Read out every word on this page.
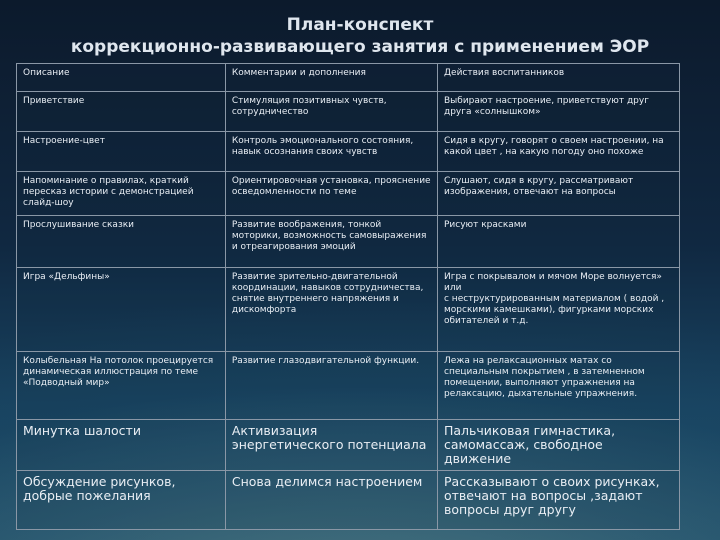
План-конспект
коррекционно-развивающего занятия с применением ЭОР
Описание	Комментарии и дополнения	Действия воспитанников
Приветствие	Стимуляция позитивных чувств, сотрудничество	Выбирают настроение, приветствуют друг друга «солнышком»
Настроение-цвет	Контроль эмоционального состояния, навык осознания своих чувств	Сидя в кругу, говорят о своем настроении, на какой цвет , на какую погоду оно похоже
Напоминание о правилах, краткий пересказ истории с демонстрацией слайд-шоу	Ориентировочная установка, прояснение осведомленности по теме	Слушают, сидя в кругу, рассматривают изображения, отвечают на вопросы
Прослушивание сказки	Развитие воображения, тонкой моторики, возможность самовыражения и отреагирования эмоций	Рисуют красками
Игра «Дельфины»	Развитие зрительно-двигательной координации, навыков сотрудничества, снятие внутреннего напряжения и дискомфорта	Игра с покрывалом и мячом Море волнуется»
или
с неструктурированным материалом ( водой , морскими камешками), фигурками морских обитателей и т.д.
Колыбельная На потолок проецируется динамическая иллюстрация по теме «Подводный мир»	Развитие глазодвигательной функции.	Лежа на релаксационных матах со специальным покрытием , в затемненном помещении, выполняют упражнения на релаксацию, дыхательные упражнения.
Минутка шалости	Активизация энергетического потенциала	Пальчиковая гимнастика, самомассаж, свободное движение
Обсуждение рисунков, добрые пожелания	Снова делимся настроением	Рассказывают о своих рисунках, отвечают на вопросы ,задают вопросы друг другу
